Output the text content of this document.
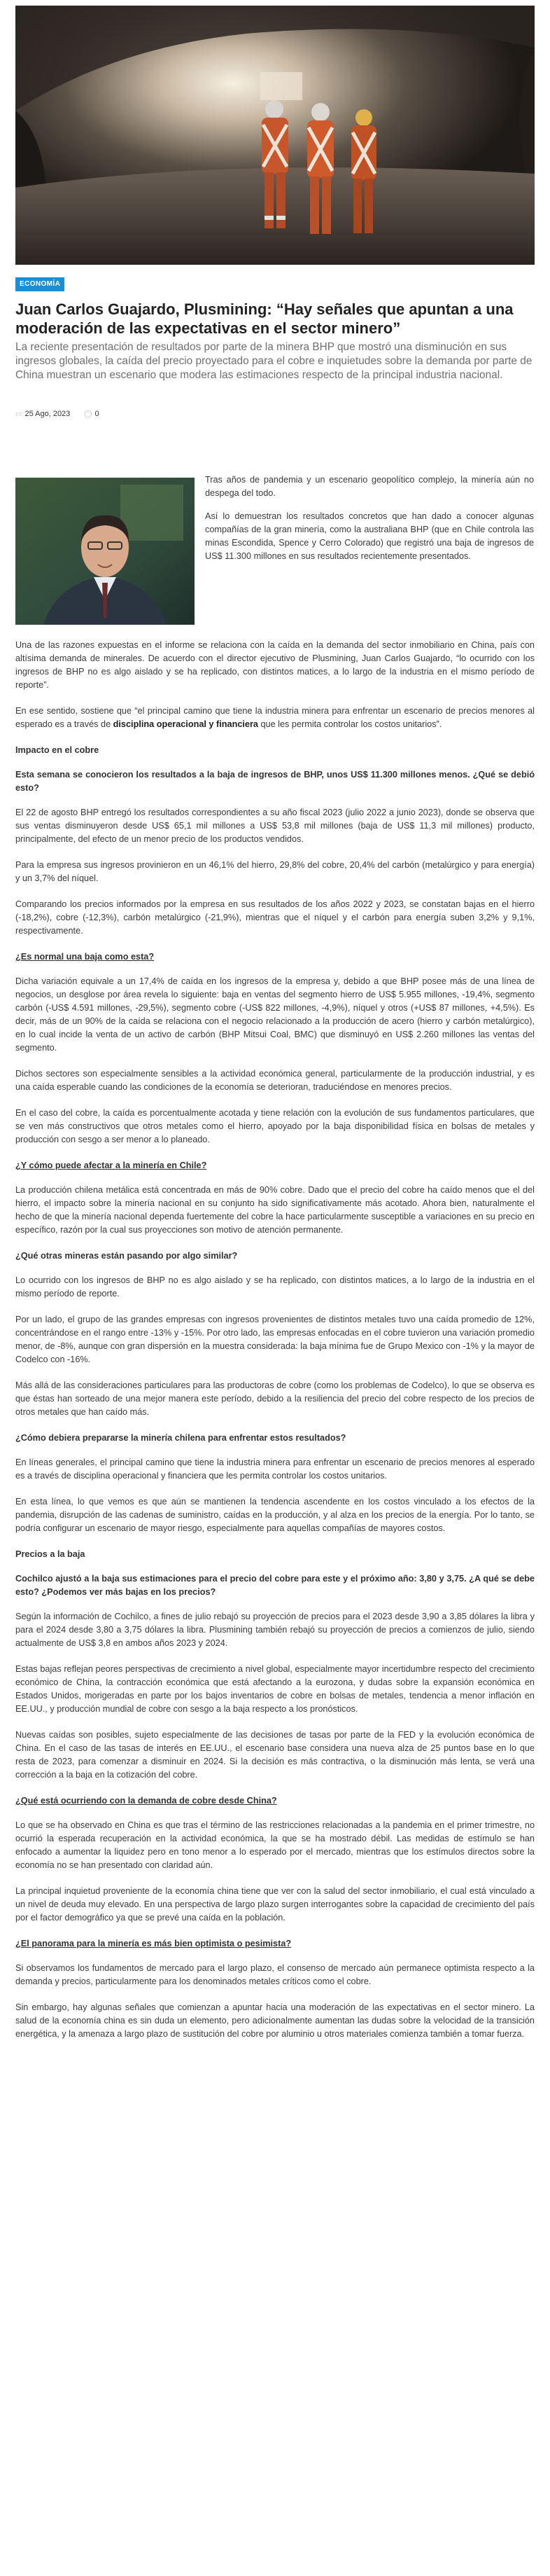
ECONOMÍA
Juan Carlos Guajardo, Plusmining: “Hay señales que apuntan a una moderación de las expectativas en el sector minero”

La reciente presentación de resultados por parte de la minera BHP que mostró una disminución en sus ingresos globales, la caída del precio proyectado para el cobre e inquietudes sobre la demanda por parte de China muestran un escenario que modera las estimaciones respecto de la principal industria nacional.

▭ 25 Ago, 2023 ◯ 0

Tras años de pandemia y un escenario geopolítico complejo, la minería aún no despega del todo.

Así lo demuestran los resultados concretos que han dado a conocer algunas compañías de la gran minería, como la australiana BHP (que en Chile controla las minas Escondida, Spence y Cerro Colorado) que registró una baja de ingresos de US$ 11.300 millones en sus resultados recientemente presentados.

Una de las razones expuestas en el informe se relaciona con la caída en la demanda del sector inmobiliario en China, país con altísima demanda de minerales. De acuerdo con el director ejecutivo de Plusmining, Juan Carlos Guajardo, “lo ocurrido con los ingresos de BHP no es algo aislado y se ha replicado, con distintos matices, a lo largo de la industria en el mismo período de reporte”.

En ese sentido, sostiene que “el principal camino que tiene la industria minera para enfrentar un escenario de precios menores al esperado es a través de disciplina operacional y financiera que les permita controlar los costos unitarios”.

Impacto en el cobre

Esta semana se conocieron los resultados a la baja de ingresos de BHP, unos US$ 11.300 millones menos. ¿Qué se debió esto?

El 22 de agosto BHP entregó los resultados correspondientes a su año fiscal 2023 (julio 2022 a junio 2023), donde se observa que sus ventas disminuyeron desde US$ 65,1 mil millones a US$ 53,8 mil millones (baja de US$ 11,3 mil millones) producto, principalmente, del efecto de un menor precio de los productos vendidos.

Para la empresa sus ingresos provinieron en un 46,1% del hierro, 29,8% del cobre, 20,4% del carbón (metalúrgico y para energía) y un 3,7% del níquel.

Comparando los precios informados por la empresa en sus resultados de los años 2022 y 2023, se constatan bajas en el hierro (-18,2%), cobre (-12,3%), carbón metalúrgico (-21,9%), mientras que el níquel y el carbón para energía suben 3,2% y 9,1%, respectivamente.

¿Es normal una baja como esta?

Dicha variación equivale a un 17,4% de caída en los ingresos de la empresa y, debido a que BHP posee más de una línea de negocios, un desglose por área revela lo siguiente: baja en ventas del segmento hierro de US$ 5.955 millones, -19,4%, segmento carbón (-US$ 4.591 millones, -29,5%), segmento cobre (-US$ 822 millones, -4,9%), níquel y otros (+US$ 87 millones, +4,5%). Es decir, más de un 90% de la caída se relaciona con el negocio relacionado a la producción de acero (hierro y carbón metalúrgico), en lo cual incide la venta de un activo de carbón (BHP Mitsui Coal, BMC) que disminuyó en US$ 2.260 millones las ventas del segmento.

Dichos sectores son especialmente sensibles a la actividad económica general, particularmente de la producción industrial, y es una caída esperable cuando las condiciones de la economía se deterioran, traduciéndose en menores precios.

En el caso del cobre, la caída es porcentualmente acotada y tiene relación con la evolución de sus fundamentos particulares, que se ven más constructivos que otros metales como el hierro, apoyado por la baja disponibilidad física en bolsas de metales y producción con sesgo a ser menor a lo planeado.

¿Y cómo puede afectar a la minería en Chile?

La producción chilena metálica está concentrada en más de 90% cobre. Dado que el precio del cobre ha caído menos que el del hierro, el impacto sobre la minería nacional en su conjunto ha sido significativamente más acotado. Ahora bien, naturalmente el hecho de que la minería nacional dependa fuertemente del cobre la hace particularmente susceptible a variaciones en su precio en específico, razón por la cual sus proyecciones son motivo de atención permanente.

¿Qué otras mineras están pasando por algo similar?

Lo ocurrido con los ingresos de BHP no es algo aislado y se ha replicado, con distintos matices, a lo largo de la industria en el mismo período de reporte.

Por un lado, el grupo de las grandes empresas con ingresos provenientes de distintos metales tuvo una caída promedio de 12%, concentrándose en el rango entre -13% y -15%. Por otro lado, las empresas enfocadas en el cobre tuvieron una variación promedio menor, de -8%, aunque con gran dispersión en la muestra considerada: la baja mínima fue de Grupo Mexico con -1% y la mayor de Codelco con -16%.

Más allá de las consideraciones particulares para las productoras de cobre (como los problemas de Codelco), lo que se observa es que éstas han sorteado de una mejor manera este período, debido a la resiliencia del precio del cobre respecto de los precios de otros metales que han caído más.

¿Cómo debiera prepararse la minería chilena para enfrentar estos resultados?

En líneas generales, el principal camino que tiene la industria minera para enfrentar un escenario de precios menores al esperado es a través de disciplina operacional y financiera que les permita controlar los costos unitarios.

En esta línea, lo que vemos es que aún se mantienen la tendencia ascendente en los costos vinculado a los efectos de la pandemia, disrupción de las cadenas de suministro, caídas en la producción, y al alza en los precios de la energía. Por lo tanto, se podría configurar un escenario de mayor riesgo, especialmente para aquellas compañías de mayores costos.

Precios a la baja

Cochilco ajustó a la baja sus estimaciones para el precio del cobre para este y el próximo año: 3,80 y 3,75. ¿A qué se debe esto? ¿Podemos ver más bajas en los precios?

Según la información de Cochilco, a fines de julio rebajó su proyección de precios para el 2023 desde 3,90 a 3,85 dólares la libra y para el 2024 desde 3,80 a 3,75 dólares la libra. Plusmining también rebajó su proyección de precios a comienzos de julio, siendo actualmente de US$ 3,8 en ambos años 2023 y 2024.

Estas bajas reflejan peores perspectivas de crecimiento a nivel global, especialmente mayor incertidumbre respecto del crecimiento económico de China, la contracción económica que está afectando a la eurozona, y dudas sobre la expansión económica en Estados Unidos, morigeradas en parte por los bajos inventarios de cobre en bolsas de metales, tendencia a menor inflación en EE.UU., y producción mundial de cobre con sesgo a la baja respecto a los pronósticos.

Nuevas caídas son posibles, sujeto especialmente de las decisiones de tasas por parte de la FED y la evolución económica de China. En el caso de las tasas de interés en EE.UU., el escenario base considera una nueva alza de 25 puntos base en lo que resta de 2023, para comenzar a disminuir en 2024. Si la decisión es más contractiva, o la disminución más lenta, se verá una corrección a la baja en la cotización del cobre.

¿Qué está ocurriendo con la demanda de cobre desde China?

Lo que se ha observado en China es que tras el término de las restricciones relacionadas a la pandemia en el primer trimestre, no ocurrió la esperada recuperación en la actividad económica, la que se ha mostrado débil. Las medidas de estímulo se han enfocado a aumentar la liquidez pero en tono menor a lo esperado por el mercado, mientras que los estímulos directos sobre la economía no se han presentado con claridad aún.

La principal inquietud proveniente de la economía china tiene que ver con la salud del sector inmobiliario, el cual está vinculado a un nivel de deuda muy elevado. En una perspectiva de largo plazo surgen interrogantes sobre la capacidad de crecimiento del país por el factor demográfico ya que se prevé una caída en la población.

¿El panorama para la minería es más bien optimista o pesimista?

Si observamos los fundamentos de mercado para el largo plazo, el consenso de mercado aún permanece optimista respecto a la demanda y precios, particularmente para los denominados metales críticos como el cobre.

Sin embargo, hay algunas señales que comienzan a apuntar hacia una moderación de las expectativas en el sector minero. La salud de la economía china es sin duda un elemento, pero adicionalmente aumentan las dudas sobre la velocidad de la transición energética, y la amenaza a largo plazo de sustitución del cobre por aluminio u otros materiales comienza también a tomar fuerza.
